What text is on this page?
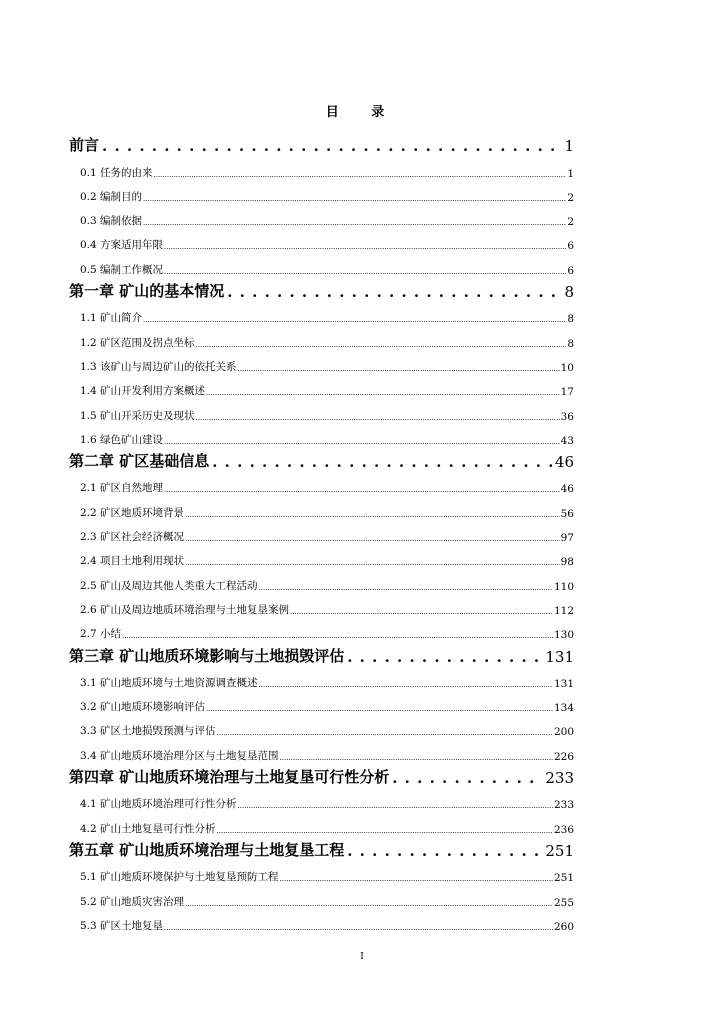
目 录
前言 . . .	1
0.1 任务的由来 .....	1
0.2 编制目的 .....	2
0.3 编制依据 .....	2
0.4 方案适用年限 .....	6
0.5 编制工作概况 .....	6
第一章 矿山的基本情况 . . .	8
1.1 矿山简介 .....	8
1.2 矿区范围及拐点坐标 .....	8
1.3 该矿山与周边矿山的依托关系 .....	10
1.4 矿山开发利用方案概述 .....	17
1.5 矿山开采历史及现状 .....	36
1.6 绿色矿山建设 .....	43
第二章 矿区基础信息 . . .	46
2.1 矿区自然地理 .....	46
2.2 矿区地质环境背景 .....	56
2.3 矿区社会经济概况 .....	97
2.4 项目土地利用现状 .....	98
2.5 矿山及周边其他人类重大工程活动 .....	110
2.6 矿山及周边地质环境治理与土地复垦案例 .....	112
2.7 小结 .....	130
第三章 矿山地质环境影响与土地损毁评估 . . .	131
3.1 矿山地质环境与土地资源调查概述 .....	131
3.2 矿山地质环境影响评估 .....	134
3.3 矿区土地损毁预测与评估 .....	200
3.4 矿山地质环境治理分区与土地复垦范围 .....	226
第四章 矿山地质环境治理与土地复垦可行性分析 . . .	233
4.1 矿山地质环境治理可行性分析 .....	233
4.2 矿山土地复垦可行性分析 .....	236
第五章 矿山地质环境治理与土地复垦工程 . . .	251
5.1 矿山地质环境保护与土地复垦预防工程 .....	251
5.2 矿山地质灾害治理 .....	255
5.3 矿区土地复垦 .....	260
I
